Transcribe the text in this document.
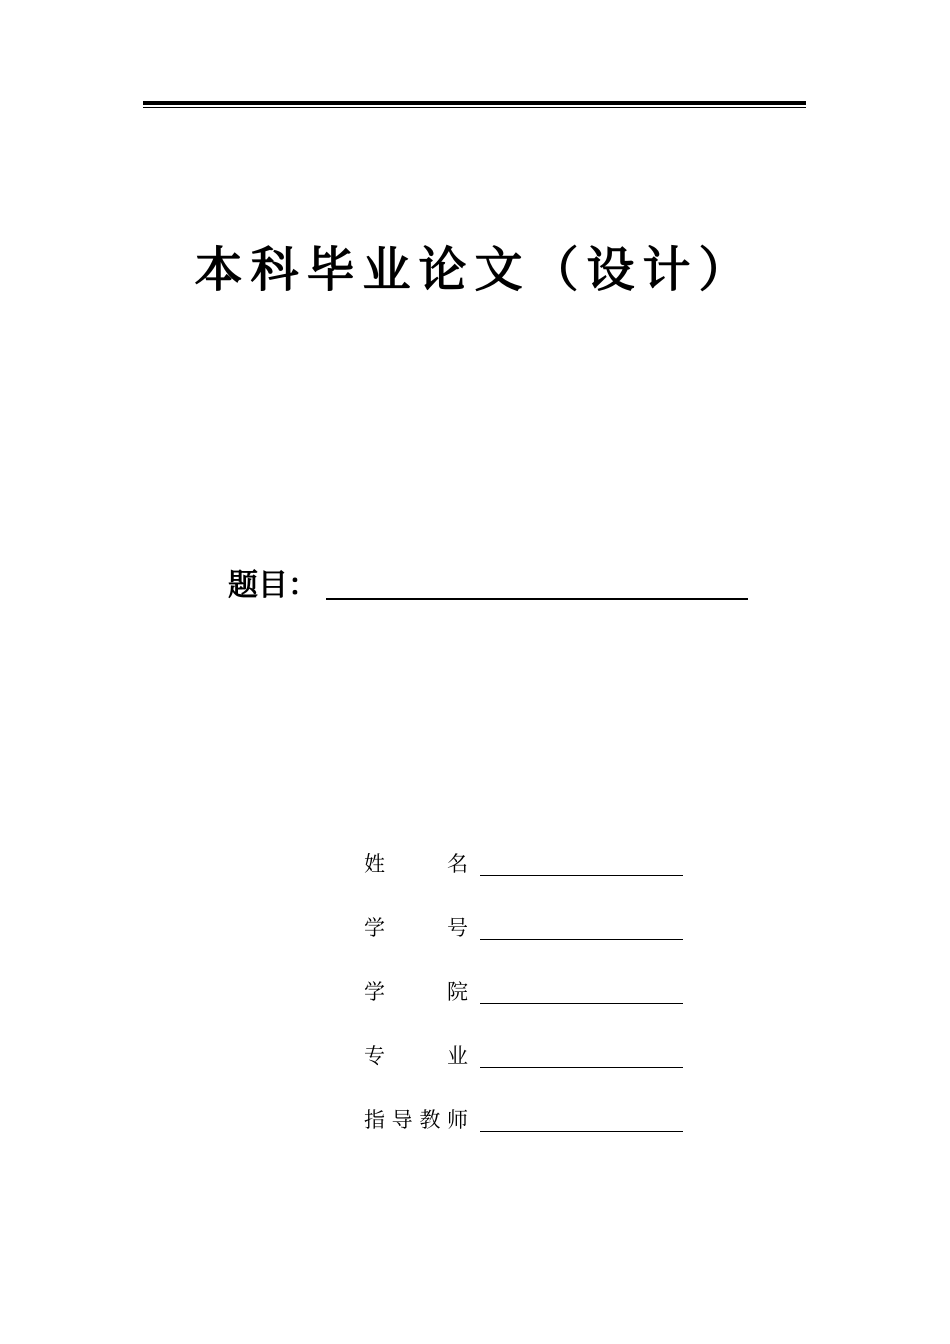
本科毕业论文（设计）
题目：
姓名
学号
学院
专业
指导教师
